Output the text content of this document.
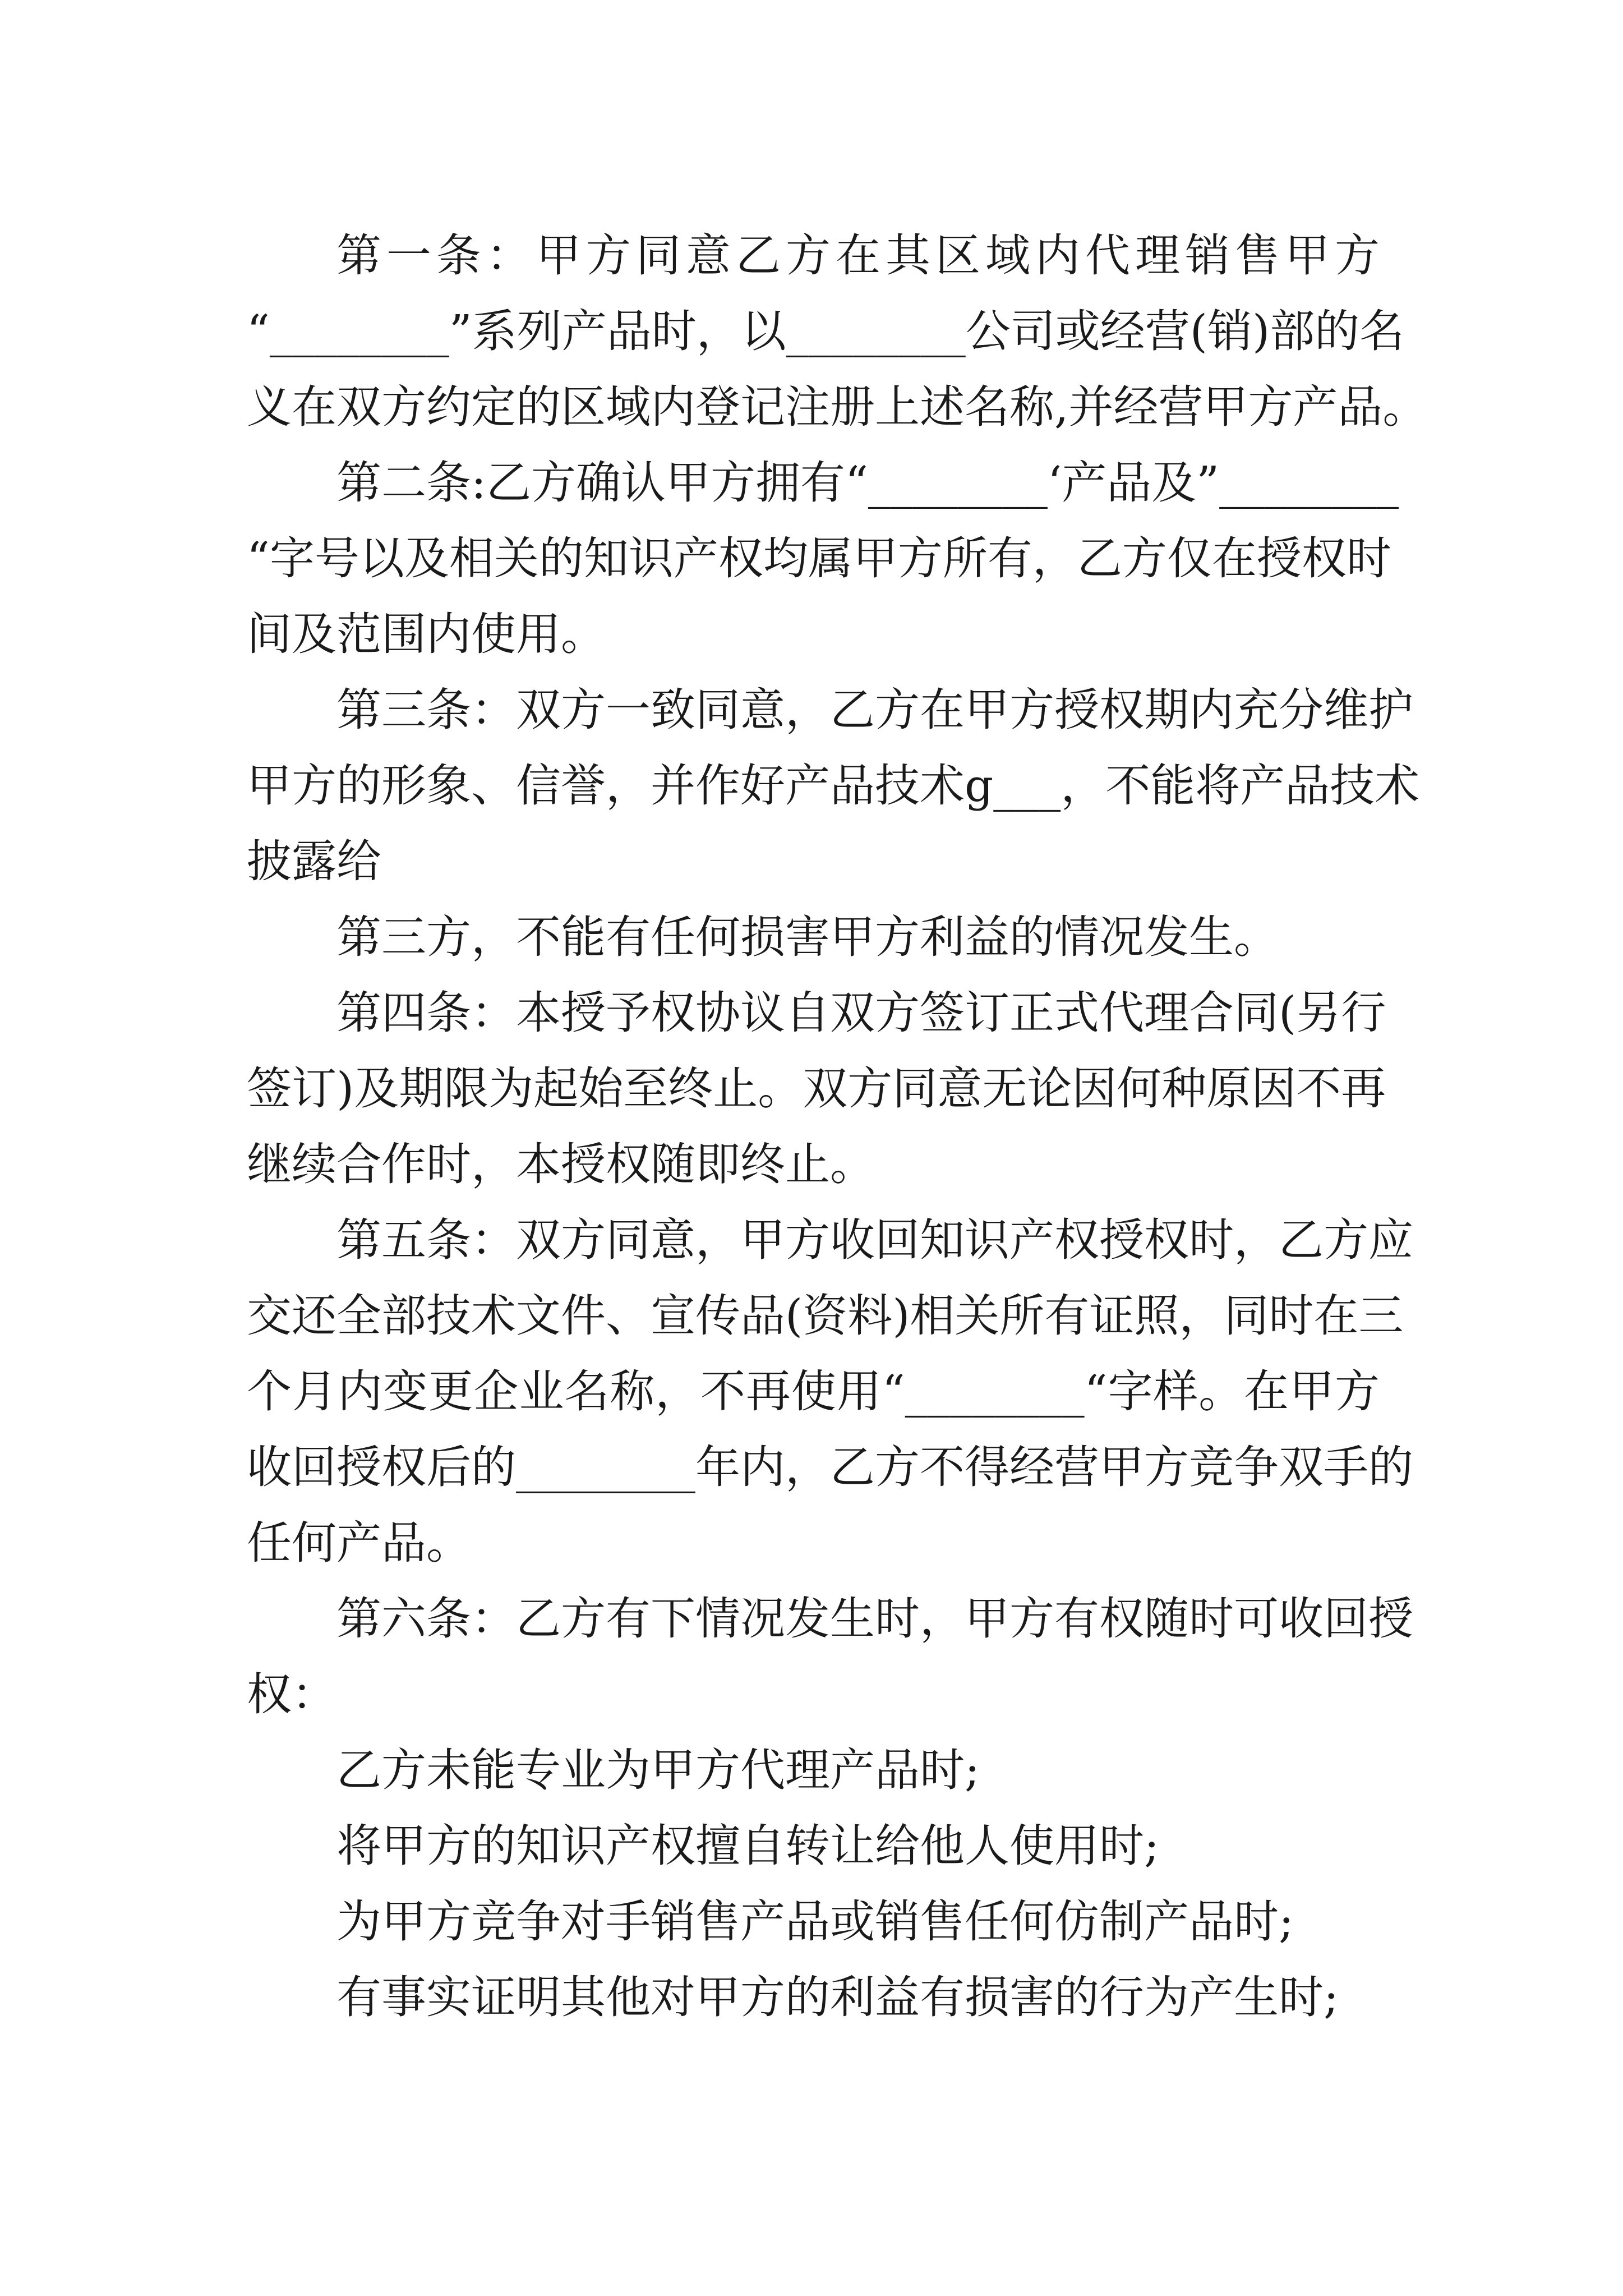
第一条：甲方同意乙方在其区域内代理销售甲方
“________”系列产品时，以________公司或经营(销)部的名
义在双方约定的区域内登记注册上述名称,并经营甲方产品。
第二条:乙方确认甲方拥有“________‘产品及”________
“字号以及相关的知识产权均属甲方所有，乙方仅在授权时
间及范围内使用。
第三条：双方一致同意，乙方在甲方授权期内充分维护
甲方的形象、信誉，并作好产品技术g___，不能将产品技术
披露给
第三方，不能有任何损害甲方利益的情况发生。
第四条：本授予权协议自双方签订正式代理合同(另行
签订)及期限为起始至终止。双方同意无论因何种原因不再
继续合作时，本授权随即终止。
第五条：双方同意，甲方收回知识产权授权时，乙方应
交还全部技术文件、宣传品(资料)相关所有证照，同时在三
个月内变更企业名称，不再使用“________“字样。在甲方
收回授权后的________年内，乙方不得经营甲方竞争双手的
任何产品。
第六条：乙方有下情况发生时，甲方有权随时可收回授
权：
乙方未能专业为甲方代理产品时;
将甲方的知识产权擅自转让给他人使用时;
为甲方竞争对手销售产品或销售任何仿制产品时;
有事实证明其他对甲方的利益有损害的行为产生时;
